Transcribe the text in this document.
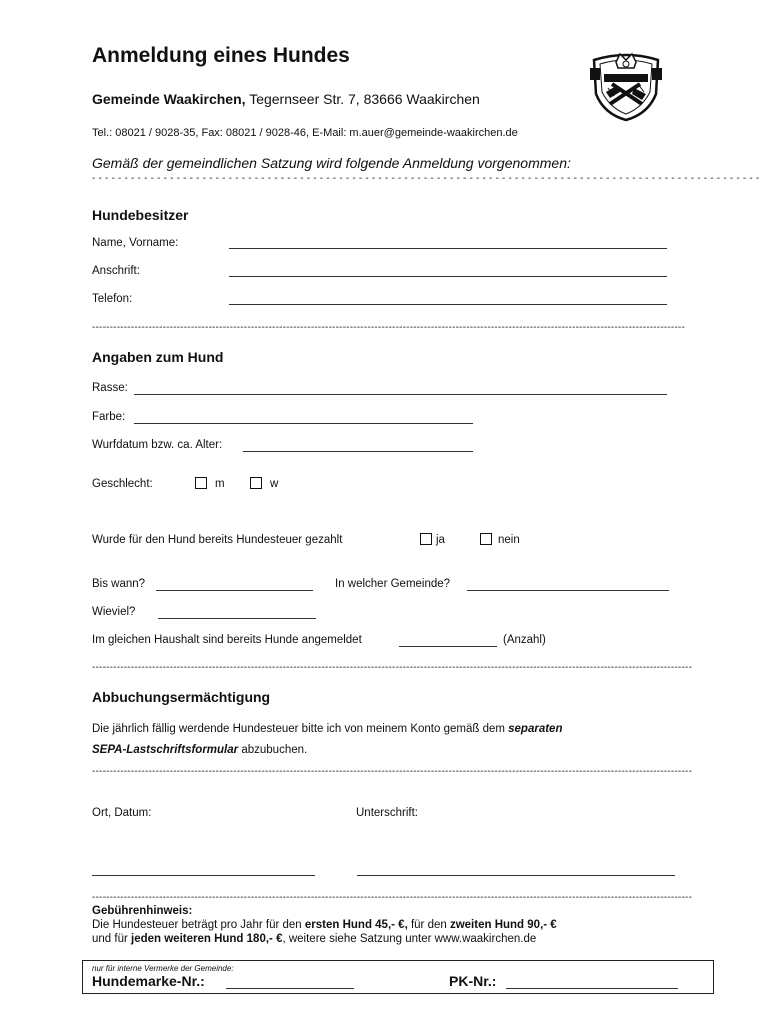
Anmeldung eines Hundes
Gemeinde Waakirchen, Tegernseer Str. 7, 83666 Waakirchen
Tel.: 08021 / 9028-35, Fax: 08021 / 9028-46, E-Mail: m.auer@gemeinde-waakirchen.de
Gemäß der gemeindlichen Satzung wird folgende Anmeldung vorgenommen:
- - - - - - - - - - - - - - - - - - - - - - - - - - - - - - - - - - - - - - - - - - - - - - - - - - - - - - - - - - - - - - - - - - - - - - - - - - - - - - - - - - - - - - - - - - - - - - - - - - - - - - -
Hundebesitzer
Name, Vorname:
Anschrift:
Telefon:
------------------------------------------------------------------------------------------------------------------------------------------------------------------------
Angaben zum Hund
Rasse:
Farbe:
Wurfdatum bzw. ca. Alter:
Geschlecht:	m	w
Wurde für den Hund bereits Hundesteuer gezahlt	ja	nein
Bis wann?	In welcher Gemeinde?
Wieviel?
Im gleichen Haushalt sind bereits Hunde angemeldet	(Anzahl)
--------------------------------------------------------------------------------------------------------------------------------------------------------------------------
Abbuchungsermächtigung
Die jährlich fällig werdende Hundesteuer bitte ich von meinem Konto gemäß dem separaten
SEPA-Lastschriftsformular abzubuchen.
--------------------------------------------------------------------------------------------------------------------------------------------------------------------------
Ort, Datum:	Unterschrift:
--------------------------------------------------------------------------------------------------------------------------------------------------------------------------
Gebührenhinweis:
Die Hundesteuer beträgt pro Jahr für den ersten Hund 45,- €, für den zweiten Hund 90,- €
und für jeden weiteren Hund 180,- €, weitere siehe Satzung unter www.waakirchen.de
nur für interne Vermerke der Gemeinde:
Hundemarke-Nr.:	PK-Nr.:
